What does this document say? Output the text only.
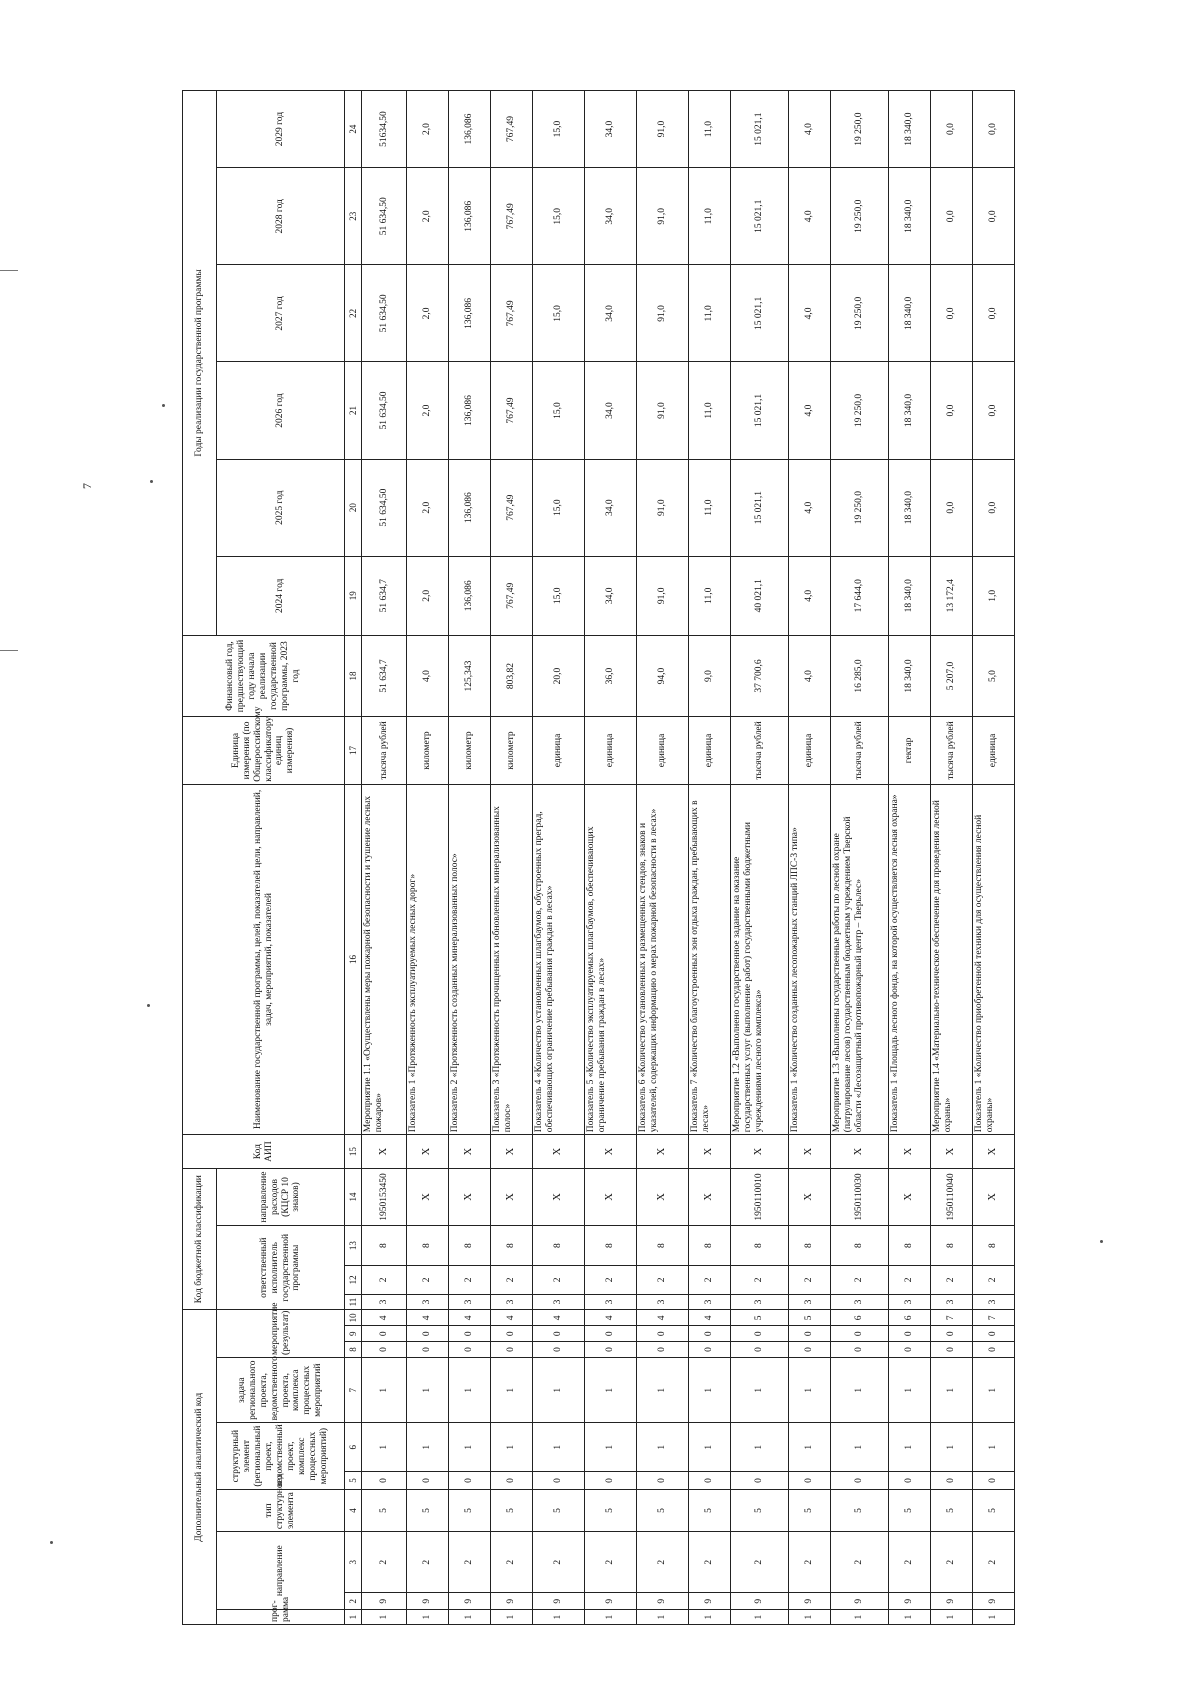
7
Дополнительный аналитический код										Код бюджетной классификации				Код АИП	Наименование государственной программы, целей, показателей цели, направлений, задач, мероприятий, показателей	Единица измерения (по Общероссийскому классификатору единиц измерения)	Финансовый год, предшествующий году начала реализации государственной программы, 2023 год	Годы реализации государственной программы					
прог-рамма	направление		тип структурного элемента	структурный элемент (региональный проект, ведомственный проект, комплекс процессных мероприятий)		задача регионального проекта, ведомственного проекта, комплекса процессных мероприятий	мероприятие (результат)			ответственный исполнитель государственной программы			направление расходов (КЦСР 10 знаков)					2024 год	2025 год	2026 год	2027 год	2028 год	2029 год

1	2	3	4	5	6	7	8	9	10	11	12	13	14	15	16	17	18	19	20	21	22	23	24
1	9	2	5	0	1	1	0	0	4	3	2	8	1950153450	X	Мероприятие 1.1 «Осуществлены меры пожарной безопасности и тушение лесных пожаров»	тысяча рублей	51 634,7	51 634,7	51 634,50	51 634,50	51 634,50	51 634,50	51634,50
1	9	2	5	0	1	1	0	0	4	3	2	8	X	X	Показатель 1 «Протяженность эксплуатируемых лесных дорог»	километр	4,0	2,0	2,0	2,0	2,0	2,0	2,0
1	9	2	5	0	1	1	0	0	4	3	2	8	X	X	Показатель 2 «Протяженность созданных минерализованных полос»	километр	125,343	136,086	136,086	136,086	136,086	136,086	136,086
1	9	2	5	0	1	1	0	0	4	3	2	8	X	X	Показатель 3 «Протяженность прочищенных и обновленных минерализованных полос»	километр	803,82	767,49	767,49	767,49	767,49	767,49	767,49
1	9	2	5	0	1	1	0	0	4	3	2	8	X	X	Показатель 4 «Количество установленных шлагбаумов, обустроенных преград, обеспечивающих ограничение пребывания граждан в лесах»	единица	20,0	15,0	15,0	15,0	15,0	15,0	15,0
1	9	2	5	0	1	1	0	0	4	3	2	8	X	X	Показатель 5 «Количество эксплуатируемых шлагбаумов, обеспечивающих ограничение пребывания граждан в лесах»	единица	36,0	34,0	34,0	34,0	34,0	34,0	34,0
1	9	2	5	0	1	1	0	0	4	3	2	8	X	X	Показатель 6 «Количество установленных и размещенных стендов, знаков и указателей, содержащих информацию о мерах пожарной безопасности в лесах»	единица	94,0	91,0	91,0	91,0	91,0	91,0	91,0
1	9	2	5	0	1	1	0	0	4	3	2	8	X	X	Показатель 7 «Количество благоустроенных зон отдыха граждан, пребывающих в лесах»	единица	9,0	11,0	11,0	11,0	11,0	11,0	11,0
1	9	2	5	0	1	1	0	0	5	3	2	8	1950110010	X	Мероприятие 1.2 «Выполнено государственное задание на оказание государственных услуг (выполнение работ) государственными бюджетными учреждениями лесного комплекса»	тысяча рублей	37 700,6	40 021,1	15 021,1	15 021,1	15 021,1	15 021,1	15 021,1
1	9	2	5	0	1	1	0	0	5	3	2	8	X	X	Показатель 1 «Количество созданных лесопожарных станций ЛПС-3 типа»	единица	4,0	4,0	4,0	4,0	4,0	4,0	4,0
1	9	2	5	0	1	1	0	0	6	3	2	8	1950110030	X	Мероприятие 1.3 «Выполнены государственные работы по лесной охране (патрулирование лесов) государственным бюджетным учреждением Тверской области «Лесозащитный противопожарный центр – Тверьлес»	тысяча рублей	16 285,0	17 644,0	19 250,0	19 250,0	19 250,0	19 250,0	19 250,0
1	9	2	5	0	1	1	0	0	6	3	2	8	X	X	Показатель 1 «Площадь лесного фонда, на которой осуществляется лесная охрана»	гектар	18 340,0	18 340,0	18 340,0	18 340,0	18 340,0	18 340,0	18 340,0
1	9	2	5	0	1	1	0	0	7	3	2	8	1950110040	X	Мероприятие 1.4 «Материально-техническое обеспечение для проведения лесной охраны»	тысяча рублей	5 207,0	13 172,4	0,0	0,0	0,0	0,0	0,0
1	9	2	5	0	1	1	0	0	7	3	2	8	X	X	Показатель 1 «Количество приобретенной техники для осуществления лесной охраны»	единица	5,0	1,0	0,0	0,0	0,0	0,0	0,0
